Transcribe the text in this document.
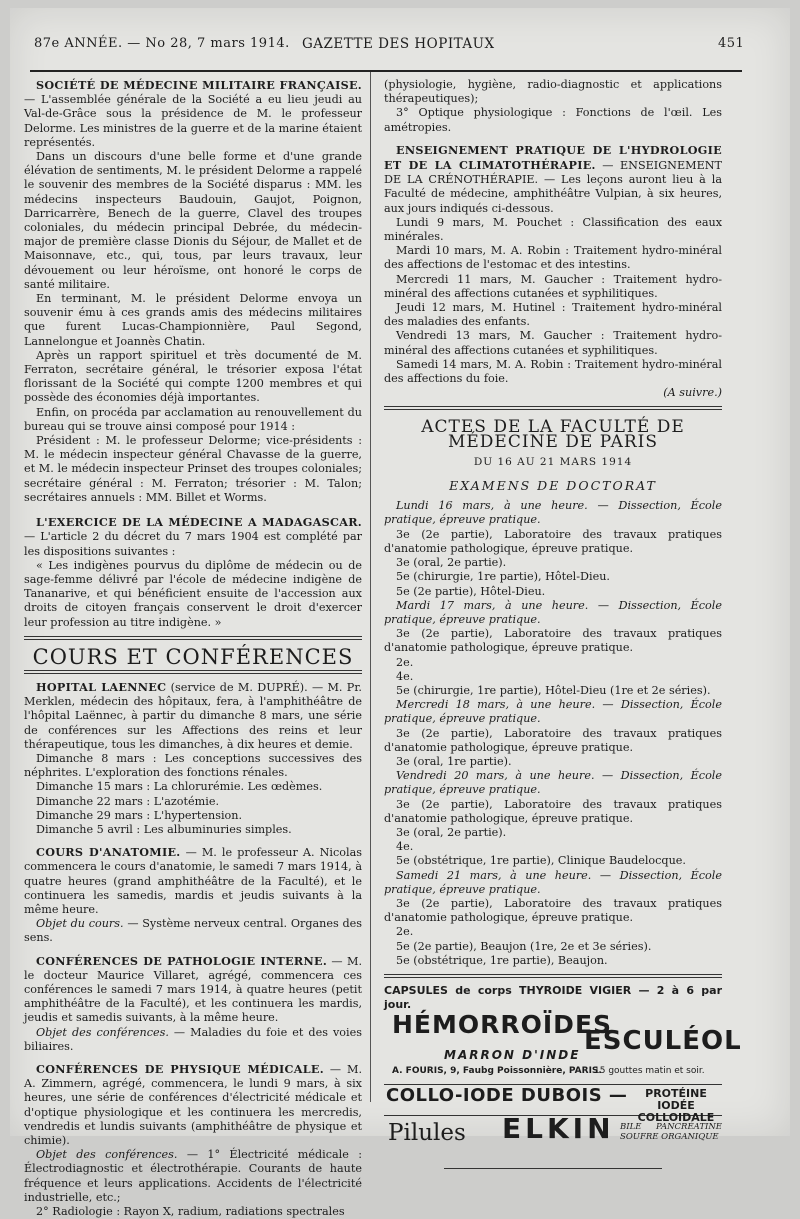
87e ANNÉE. — No 28, 7 mars 1914. GAZETTE DES HOPITAUX	451

SOCIÉTÉ DE MÉDECINE MILITAIRE FRANÇAISE. — L'assemblée générale de la Société a eu lieu jeudi au Val-de-Grâce sous la présidence de M. le professeur Delorme. Les ministres de la guerre et de la marine étaient représentés.

Dans un discours d'une belle forme et d'une grande élévation de sentiments, M. le président Delorme a rappelé le souvenir des membres de la Société disparus : MM. les médecins inspecteurs Baudouin, Gaujot, Poignon, Darricarrère, Benech de la guerre, Clavel des troupes coloniales, du médecin principal Debrée, du médecin-major de première classe Dionis du Séjour, de Mallet et de Maisonnave, etc., qui, tous, par leurs travaux, leur dévouement ou leur héroïsme, ont honoré le corps de santé militaire.

En terminant, M. le président Delorme envoya un souvenir ému à ces grands amis des médecins militaires que furent Lucas-Championnière, Paul Segond, Lannelongue et Joannès Chatin.

Après un rapport spirituel et très documenté de M. Ferraton, secrétaire général, le trésorier exposa l'état florissant de la Société qui compte 1200 membres et qui possède des économies déjà importantes.

Enfin, on procéda par acclamation au renouvellement du bureau qui se trouve ainsi composé pour 1914 :

Président : M. le professeur Delorme; vice-présidents : M. le médecin inspecteur général Chavasse de la guerre, et M. le médecin inspecteur Prinset des troupes coloniales; secrétaire général : M. Ferraton; trésorier : M. Talon; secrétaires annuels : MM. Billet et Worms.

L'EXERCICE DE LA MÉDECINE A MADAGASCAR. — L'article 2 du décret du 7 mars 1904 est complété par les dispositions suivantes :

« Les indigènes pourvus du diplôme de médecin ou de sage-femme délivré par l'école de médecine indigène de Tananarive, et qui bénéficient ensuite de l'accession aux droits de citoyen français conservent le droit d'exercer leur profession au titre indigène. »

COURS ET CONFÉRENCES

HOPITAL LAENNEC (service de M. DUPRÉ). — M. Pr. Merklen, médecin des hôpitaux, fera, à l'amphithéâtre de l'hôpital Laënnec, à partir du dimanche 8 mars, une série de conférences sur les Affections des reins et leur thérapeutique, tous les dimanches, à dix heures et demie.

Dimanche 8 mars : Les conceptions successives des néphrites. L'exploration des fonctions rénales.

Dimanche 15 mars : La chlorurémie. Les œdèmes.

Dimanche 22 mars : L'azotémie.

Dimanche 29 mars : L'hypertension.

Dimanche 5 avril : Les albuminuries simples.

COURS D'ANATOMIE. — M. le professeur A. Nicolas commencera le cours d'anatomie, le samedi 7 mars 1914, à quatre heures (grand amphithéâtre de la Faculté), et le continuera les samedis, mardis et jeudis suivants à la même heure.

Objet du cours. — Système nerveux central. Organes des sens.

CONFÉRENCES DE PATHOLOGIE INTERNE. — M. le docteur Maurice Villaret, agrégé, commencera ces conférences le samedi 7 mars 1914, à quatre heures (petit amphithéâtre de la Faculté), et les continuera les mardis, jeudis et samedis suivants, à la même heure.

Objet des conférences. — Maladies du foie et des voies biliaires.

CONFÉRENCES DE PHYSIQUE MÉDICALE. — M. A. Zimmern, agrégé, commencera, le lundi 9 mars, à six heures, une série de conférences d'électricité médicale et d'optique physiologique et les continuera les mercredis, vendredis et lundis suivants (amphithéâtre de physique et chimie).

Objet des conférences. — 1° Électricité médicale : Électrodiagnostic et électrothérapie. Courants de haute fréquence et leurs applications. Accidents de l'électricité industrielle, etc.;

2° Radiologie : Rayon X, radium, radiations spectrales

(physiologie, hygiène, radio-diagnostic et applications thérapeutiques);

3° Optique physiologique : Fonctions de l'œil. Les amétropies.

ENSEIGNEMENT PRATIQUE DE L'HYDROLOGIE ET DE LA CLIMATOTHÉRAPIE. — ENSEIGNEMENT DE LA CRÉNOTHÉRAPIE. — Les leçons auront lieu à la Faculté de médecine, amphithéâtre Vulpian, à six heures, aux jours indiqués ci-dessous.

Lundi 9 mars, M. Pouchet : Classification des eaux minérales.

Mardi 10 mars, M. A. Robin : Traitement hydro-minéral des affections de l'estomac et des intestins.

Mercredi 11 mars, M. Gaucher : Traitement hydro-minéral des affections cutanées et syphilitiques.

Jeudi 12 mars, M. Hutinel : Traitement hydro-minéral des maladies des enfants.

Vendredi 13 mars, M. Gaucher : Traitement hydro-minéral des affections cutanées et syphilitiques.

Samedi 14 mars, M. A. Robin : Traitement hydro-minéral des affections du foie.

(A suivre.)

ACTES DE LA FACULTÉ DE MÉDECINE DE PARIS
DU 16 AU 21 MARS 1914
EXAMENS DE DOCTORAT

Lundi 16 mars, à une heure. — Dissection, École pratique, épreuve pratique.

3e (2e partie), Laboratoire des travaux pratiques d'anatomie pathologique, épreuve pratique.

3e (oral, 2e partie).

5e (chirurgie, 1re partie), Hôtel-Dieu.

5e (2e partie), Hôtel-Dieu.

Mardi 17 mars, à une heure. — Dissection, École pratique, épreuve pratique.

3e (2e partie), Laboratoire des travaux pratiques d'anatomie pathologique, épreuve pratique.

2e.

4e.

5e (chirurgie, 1re partie), Hôtel-Dieu (1re et 2e séries).

Mercredi 18 mars, à une heure. — Dissection, École pratique, épreuve pratique.

3e (2e partie), Laboratoire des travaux pratiques d'anatomie pathologique, épreuve pratique.

3e (oral, 1re partie).

Vendredi 20 mars, à une heure. — Dissection, École pratique, épreuve pratique.

3e (2e partie), Laboratoire des travaux pratiques d'anatomie pathologique, épreuve pratique.

3e (oral, 2e partie).

4e.

5e (obstétrique, 1re partie), Clinique Baudelocque.

Samedi 21 mars, à une heure. — Dissection, École pratique, épreuve pratique.

3e (2e partie), Laboratoire des travaux pratiques d'anatomie pathologique, épreuve pratique.

2e.

5e (2e partie), Beaujon (1re, 2e et 3e séries).

5e (obstétrique, 1re partie), Beaujon.

CAPSULES de corps THYROIDE VIGIER — 2 à 6 par jour.
HÉMORROÏDES
MARRON D'INDE ESCULÉOL
A. FOURIS, 9, Faubg Poissonnière, PARIS.
15 gouttes matin et soir.
COLLO-IODE DUBOIS —	PROTÉINE IODÉE COLLOIDALE
Pilules ELKIN BILE PANCRÉATINE SOUFRE ORGANIQUE
